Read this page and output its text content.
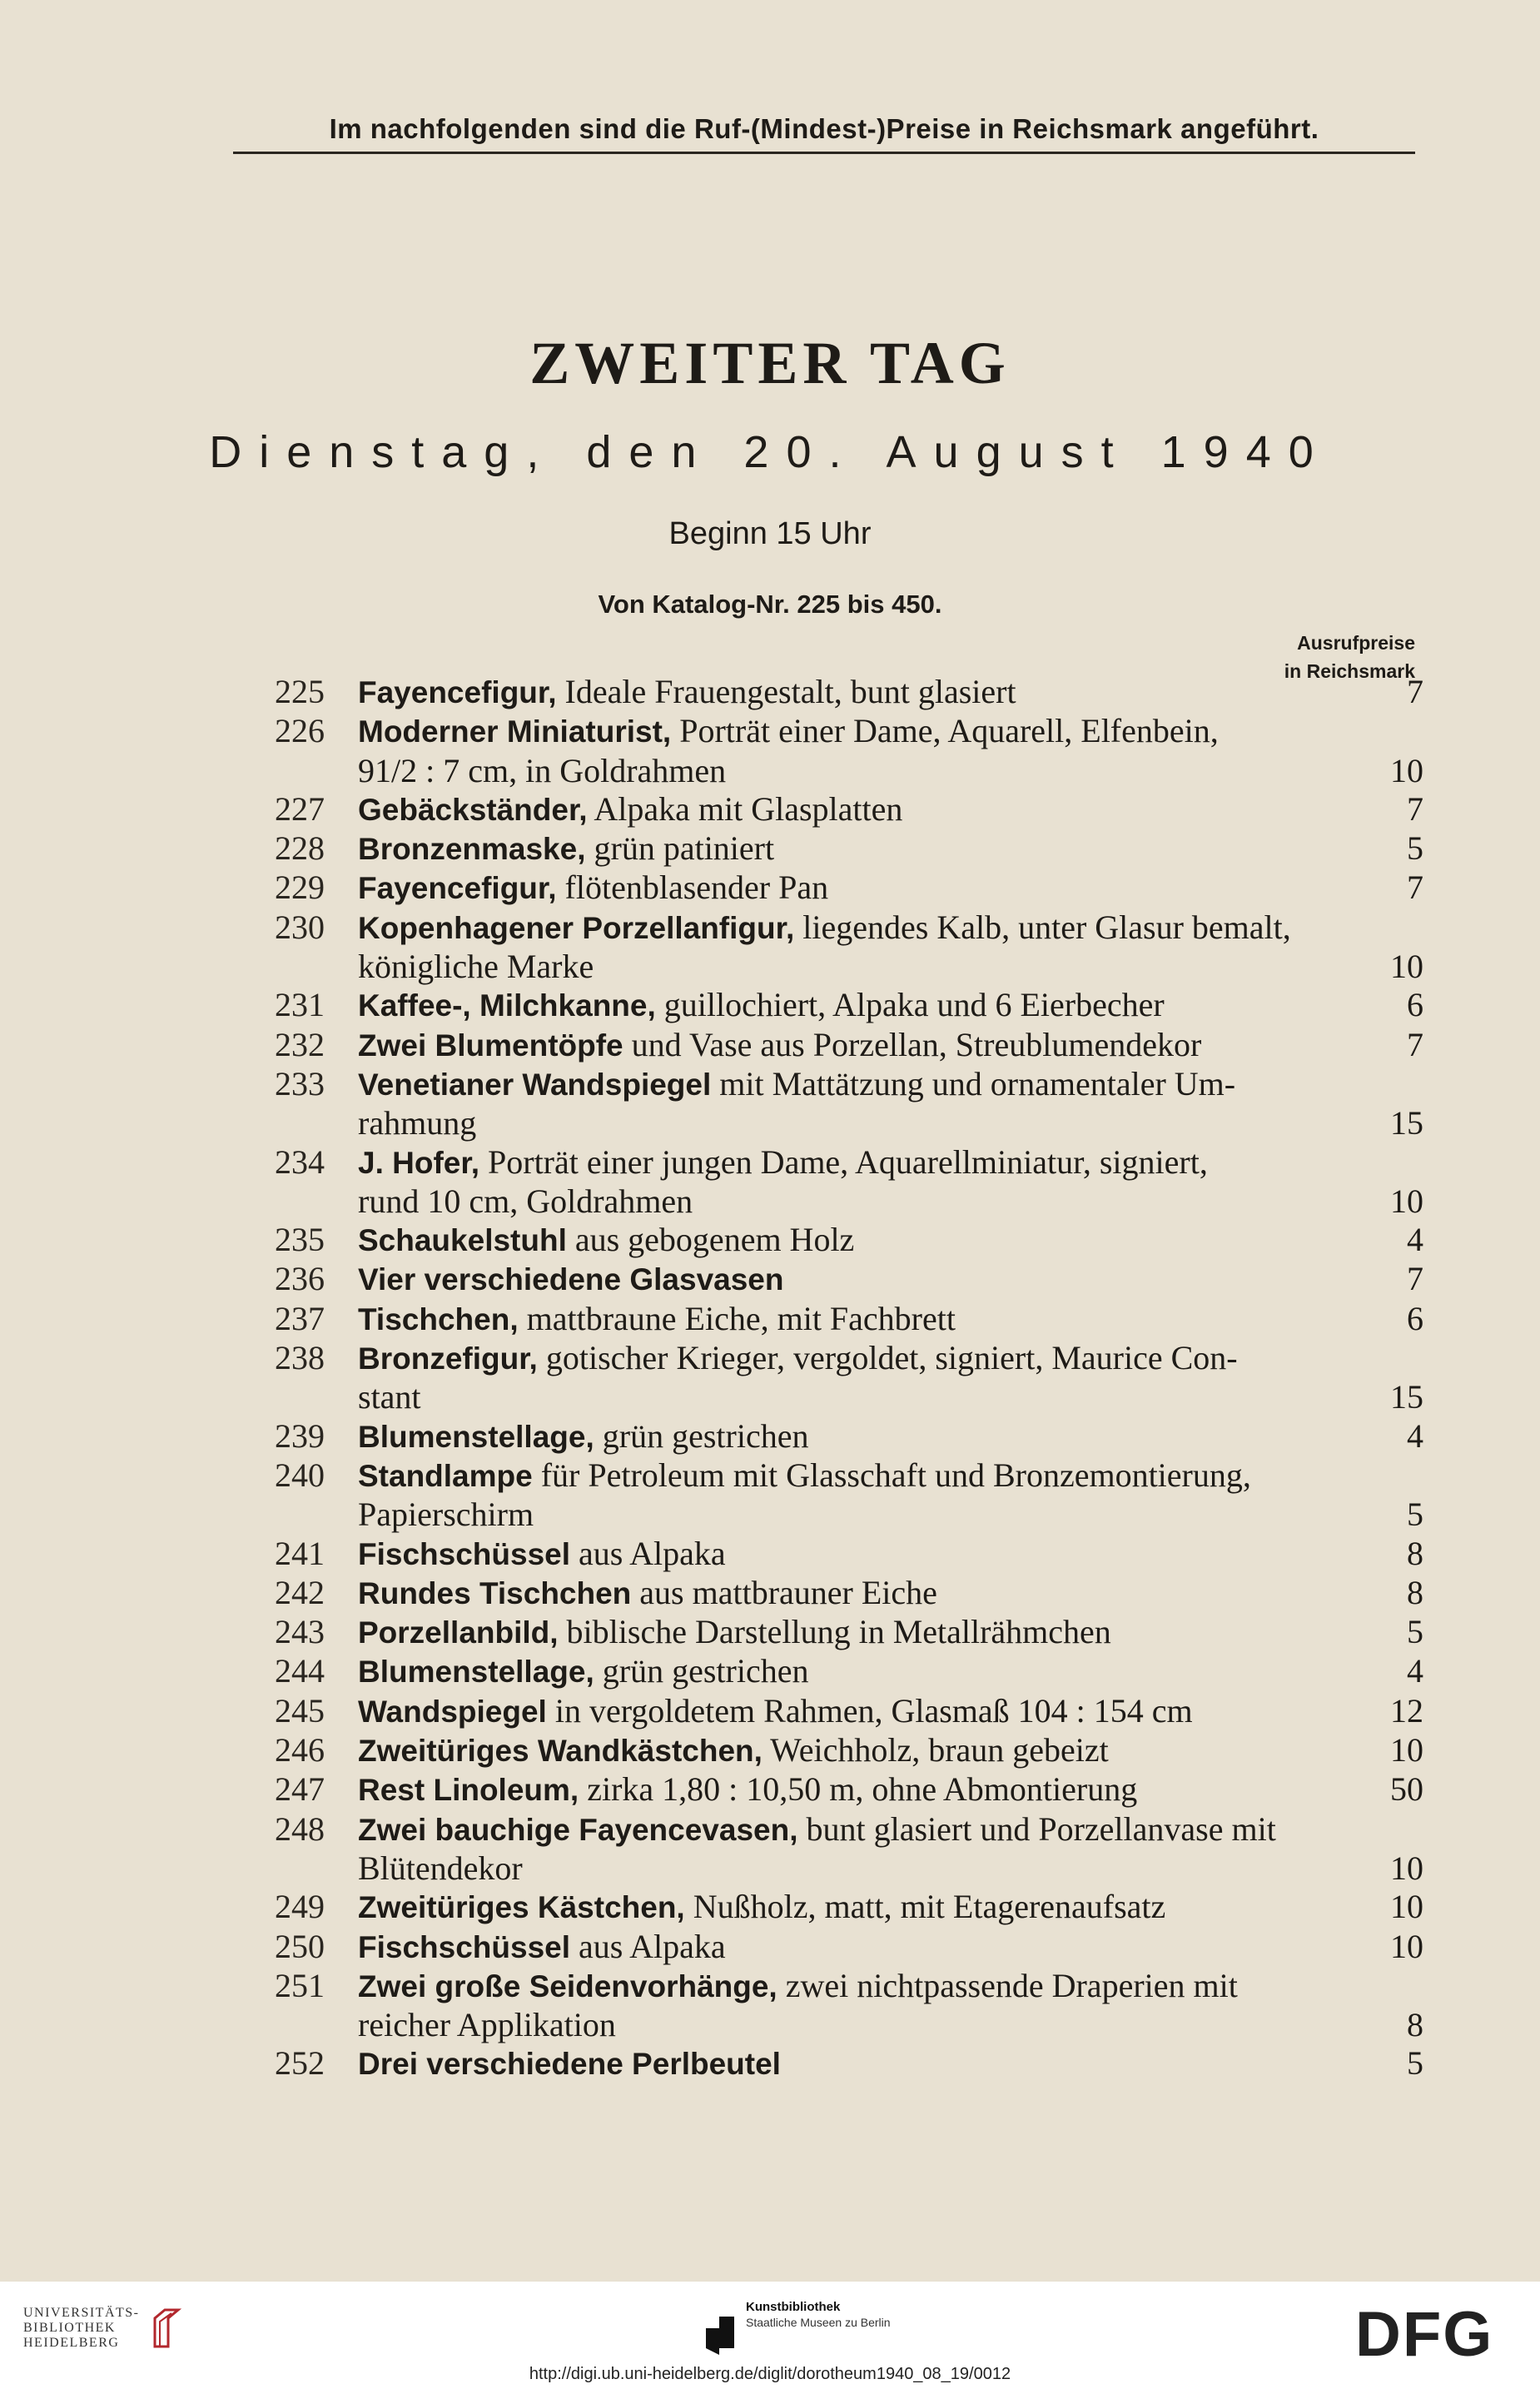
Im nachfolgenden sind die Ruf-(Mindest-)Preise in Reichsmark angeführt.
ZWEITER TAG
Dienstag, den 20. August 1940
Beginn 15 Uhr
Von Katalog-Nr. 225 bis 450.
Ausrufpreise
in Reichsmark
225 Fayencefigur, Ideale Frauengestalt, bunt glasiert	7
226 Moderner Miniaturist, Porträt einer Dame, Aquarell, Elfenbein,
91/2 : 7 cm, in Goldrahmen	10
227 Gebäckständer, Alpaka mit Glasplatten	7
228 Bronzenmaske, grün patiniert	5
229 Fayencefigur, flötenblasender Pan	7
230 Kopenhagener Porzellanfigur, liegendes Kalb, unter Glasur bemalt,
königliche Marke	10
231 Kaffee-, Milchkanne, guillochiert, Alpaka und 6 Eierbecher	6
232 Zwei Blumentöpfe und Vase aus Porzellan, Streublumendekor	7
233 Venetianer Wandspiegel mit Mattätzung und ornamentaler Um-
rahmung	15
234 J. Hofer, Porträt einer jungen Dame, Aquarellminiatur, signiert,
rund 10 cm, Goldrahmen	10
235 Schaukelstuhl aus gebogenem Holz	4
236 Vier verschiedene Glasvasen	7
237 Tischchen, mattbraune Eiche, mit Fachbrett	6
238 Bronzefigur, gotischer Krieger, vergoldet, signiert, Maurice Con-
stant	15
239 Blumenstellage, grün gestrichen	4
240 Standlampe für Petroleum mit Glasschaft und Bronzemontierung,
Papierschirm	5
241 Fischschüssel aus Alpaka	8
242 Rundes Tischchen aus mattbrauner Eiche	8
243 Porzellanbild, biblische Darstellung in Metallrähmchen	5
244 Blumenstellage, grün gestrichen	4
245 Wandspiegel in vergoldetem Rahmen, Glasmaß 104 : 154 cm	12
246 Zweitüriges Wandkästchen, Weichholz, braun gebeizt	10
247 Rest Linoleum, zirka 1,80 : 10,50 m, ohne Abmontierung	50
248 Zwei bauchige Fayencevasen, bunt glasiert und Porzellanvase mit
Blütendekor	10
249 Zweitüriges Kästchen, Nußholz, matt, mit Etagerenaufsatz	10
250 Fischschüssel aus Alpaka	10
251 Zwei große Seidenvorhänge, zwei nichtpassende Draperien mit
reicher Applikation	8
252 Drei verschiedene Perlbeutel	5
UNIVERSITÄTS-
BIBLIOTHEK
HEIDELBERG
Kunstbibliothek
Staatliche Museen zu Berlin	DFG
http://digi.ub.uni-heidelberg.de/diglit/dorotheum1940_08_19/0012
